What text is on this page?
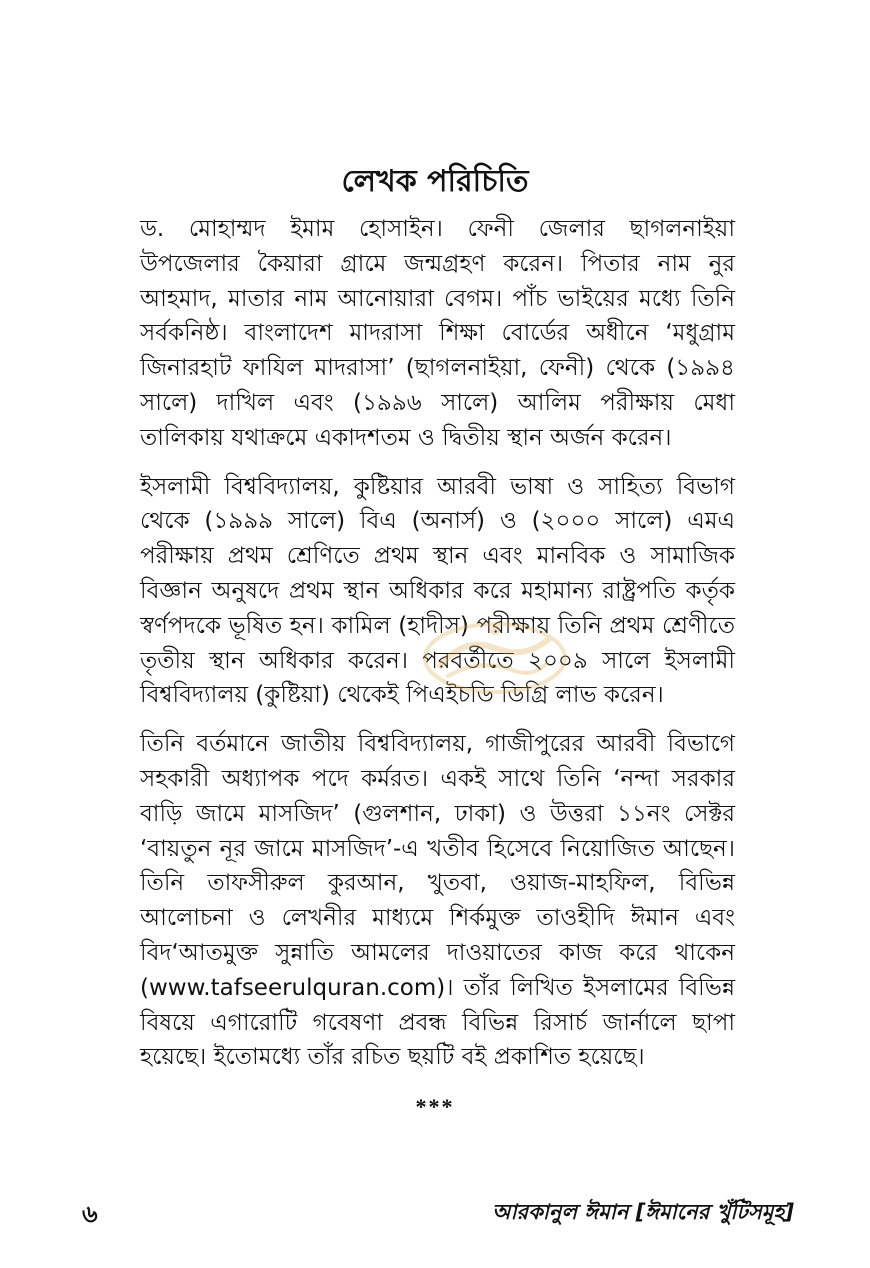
লেখক পরিচিতি

ড. মোহাম্মদ ইমাম হোসাইন। ফেনী জেলার ছাগলনাইয়া উপজেলার কৈয়ারা গ্রামে জন্মগ্রহণ করেন। পিতার নাম নুর আহমাদ, মাতার নাম আনোয়ারা বেগম। পাঁচ ভাইয়ের মধ্যে তিনি সর্বকনিষ্ঠ। বাংলাদেশ মাদরাসা শিক্ষা বোর্ডের অধীনে ‘মধুগ্রাম জিনারহাট ফাযিল মাদরাসা’ (ছাগলনাইয়া, ফেনী) থেকে (১৯৯৪ সালে) দাখিল এবং (১৯৯৬ সালে) আলিম পরীক্ষায় মেধা তালিকায় যথাক্রমে একাদশতম ও দ্বিতীয় স্থান অর্জন করেন।

ইসলামী বিশ্ববিদ্যালয়, কুষ্টিয়ার আরবী ভাষা ও সাহিত্য বিভাগ থেকে (১৯৯৯ সালে) বিএ (অনার্স) ও (২০০০ সালে) এমএ পরীক্ষায় প্রথম শ্রেণিতে প্রথম স্থান এবং মানবিক ও সামাজিক বিজ্ঞান অনুষদে প্রথম স্থান অধিকার করে মহামান্য রাষ্ট্রপতি কর্তৃক স্বর্ণপদকে ভূষিত হন। কামিল (হাদীস) পরীক্ষায় তিনি প্রথম শ্রেণীতে তৃতীয় স্থান অধিকার করেন। পরবর্তীতে ২০০৯ সালে ইসলামী বিশ্ববিদ্যালয় (কুষ্টিয়া) থেকেই পিএইচডি ডিগ্রি লাভ করেন।

তিনি বর্তমানে জাতীয় বিশ্ববিদ্যালয়, গাজীপুরের আরবী বিভাগে সহকারী অধ্যাপক পদে কর্মরত। একই সাথে তিনি ‘নন্দা সরকার বাড়ি জামে মাসজিদ’ (গুলশান, ঢাকা) ও উত্তরা ১১নং সেক্টর ‘বায়তুন নূর জামে মাসজিদ’-এ খতীব হিসেবে নিয়োজিত আছেন। তিনি তাফসীরুল কুরআন, খুতবা, ওয়াজ-মাহফিল, বিভিন্ন আলোচনা ও লেখনীর মাধ্যমে শির্কমুক্ত তাওহীদি ঈমান এবং বিদ‘আতমুক্ত সুন্নাতি আমলের দাওয়াতের কাজ করে থাকেন (www.tafseerulquran.com)। তাঁর লিখিত ইসলামের বিভিন্ন বিষয়ে এগারোটি গবেষণা প্রবন্ধ বিভিন্ন রিসার্চ জার্নালে ছাপা হয়েছে। ইতোমধ্যে তাঁর রচিত ছয়টি বই প্রকাশিত হয়েছে।

***
৬	আরকানুল ঈমান [ঈমানের খুঁটিসমূহ]
